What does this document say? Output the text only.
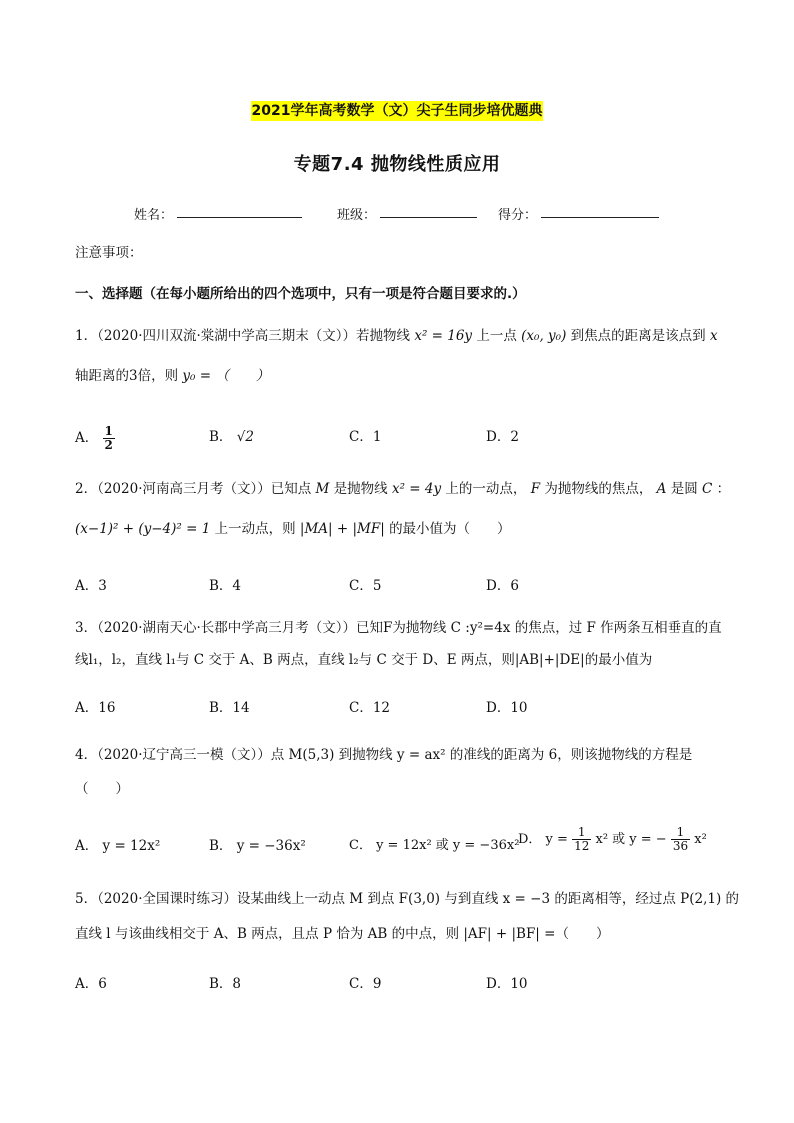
2021学年高考数学（文）尖子生同步培优题典
专题7.4 抛物线性质应用
姓名：	班级：	得分：
注意事项：
一、选择题（在每小题所给出的四个选项中，只有一项是符合题目要求的.）
1．（2020·四川双流·棠湖中学高三期末（文））若抛物线 x² = 16y 上一点 (x₀, y₀) 到焦点的距离是该点到 x
轴距离的3倍，则 y₀ = （　　）
A． $\frac{1}{2}$	B． √2	C．1	D．2
2．（2020·河南高三月考（文））已知点 M 是抛物线 x² = 4y 上的一动点， F 为抛物线的焦点， A 是圆 C ：
(x−1)² + (y−4)² = 1 上一动点，则 |MA| + |MF| 的最小值为（　　）
A．3	B．4	C．5	D．6
3．（2020·湖南天心·长郡中学高三月考（文））已知F为抛物线 C :y²=4x 的焦点，过 F 作两条互相垂直的直
线l₁，l₂，直线 l₁与 C 交于 A、B 两点，直线 l₂与 C 交于 D、E 两点，则|AB|+|DE|的最小值为
A．16	B．14	C．12	D．10
4．（2020·辽宁高三一模（文））点 M(5,3) 到抛物线 y = ax² 的准线的距离为 6，则该抛物线的方程是
（　　）
A． y = 12x²	B． y = −36x²	C． y = 12x² 或 y = −36x²
D． $y = \frac{1}{12} x^2$ 或 y = − $\frac{1}{36} x^2$
5．（2020·全国课时练习）设某曲线上一动点 M 到点 F(3,0) 与到直线 x = −3 的距离相等，经过点 P(2,1) 的
直线 l 与该曲线相交于 A、B 两点，且点 P 恰为 AB 的中点，则 |AF| + |BF| =（　　）
A．6	B．8	C．9	D．10
